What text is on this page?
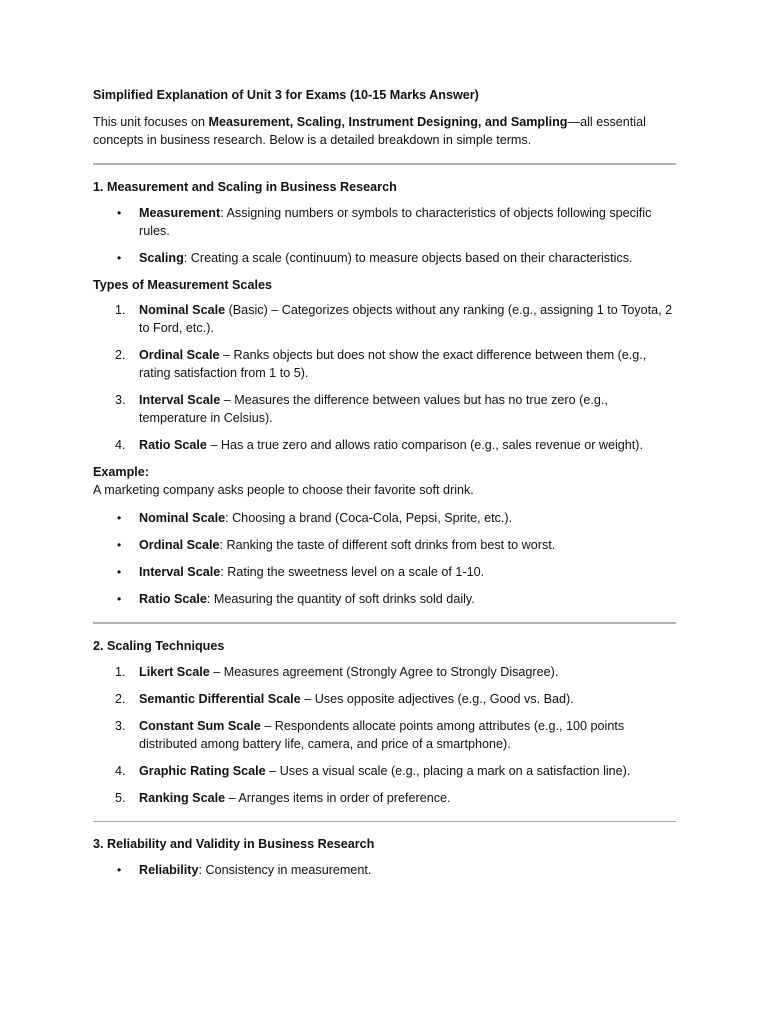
Simplified Explanation of Unit 3 for Exams (10-15 Marks Answer)

This unit focuses on Measurement, Scaling, Instrument Designing, and Sampling—all essential concepts in business research. Below is a detailed breakdown in simple terms.

1. Measurement and Scaling in Business Research
•	Measurement: Assigning numbers or symbols to characteristics of objects following specific rules.
•	Scaling: Creating a scale (continuum) to measure objects based on their characteristics.
Types of Measurement Scales
1.	Nominal Scale (Basic) – Categorizes objects without any ranking (e.g., assigning 1 to Toyota, 2 to Ford, etc.).
2.	Ordinal Scale – Ranks objects but does not show the exact difference between them (e.g., rating satisfaction from 1 to 5).
3.	Interval Scale – Measures the difference between values but has no true zero (e.g., temperature in Celsius).
4.	Ratio Scale – Has a true zero and allows ratio comparison (e.g., sales revenue or weight).
Example:
A marketing company asks people to choose their favorite soft drink.
•	Nominal Scale: Choosing a brand (Coca-Cola, Pepsi, Sprite, etc.).
•	Ordinal Scale: Ranking the taste of different soft drinks from best to worst.
•	Interval Scale: Rating the sweetness level on a scale of 1-10.
•	Ratio Scale: Measuring the quantity of soft drinks sold daily.
2. Scaling Techniques
1.	Likert Scale – Measures agreement (Strongly Agree to Strongly Disagree).
2.	Semantic Differential Scale – Uses opposite adjectives (e.g., Good vs. Bad).
3.	Constant Sum Scale – Respondents allocate points among attributes (e.g., 100 points distributed among battery life, camera, and price of a smartphone).
4.	Graphic Rating Scale – Uses a visual scale (e.g., placing a mark on a satisfaction line).
5.	Ranking Scale – Arranges items in order of preference.
3. Reliability and Validity in Business Research
•	Reliability: Consistency in measurement.
